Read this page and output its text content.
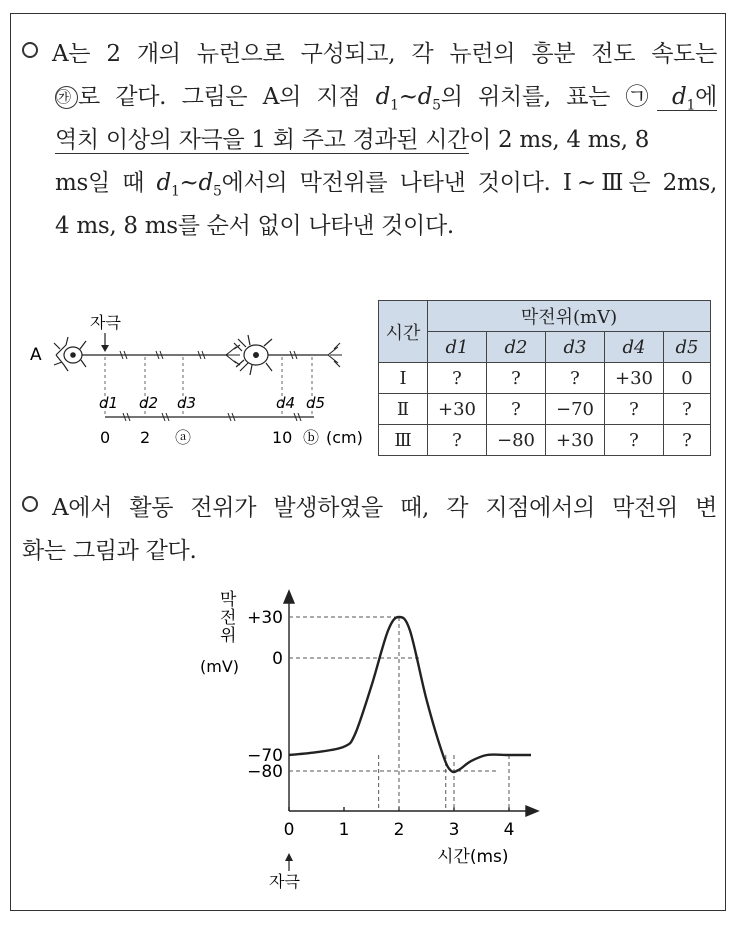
A는 2 개의 뉴런으로 구성되고, 각 뉴런의 흥분 전도 속도는
㉮ 로 같다. 그림은 A의 지점 $d_1\sim d_5$의 위치를, 표는 ㉠ $d_1$에
역치 이상의 자극을 1 회 주고 경과된 시간이 2 ms, 4 ms, 8
ms일 때 $d_1\sim d_5$에서의 막전위를 나타낸 것이다. Ⅰ~Ⅲ은 2ms,
4 ms, 8 ms를 순서 없이 나타낸 것이다.
자극
A
d1 d2 d3	d4 d5
0 2 ⓐ	10 ⓑ (cm)
시간	막전위(mV)				
	d1	d2	d3	d4	d5
Ⅰ	?	?	?	+30	0
Ⅱ	+30	?	−70	?	?
Ⅲ	?	−80	+30	?	?
A에서 활동 전위가 발생하였을 때, 각 지점에서의 막전위 변
화는 그림과 같다.
막
전
위
(mV)
+30
0
−70
−80
0	1	2	3	4
시간(ms)
자극
